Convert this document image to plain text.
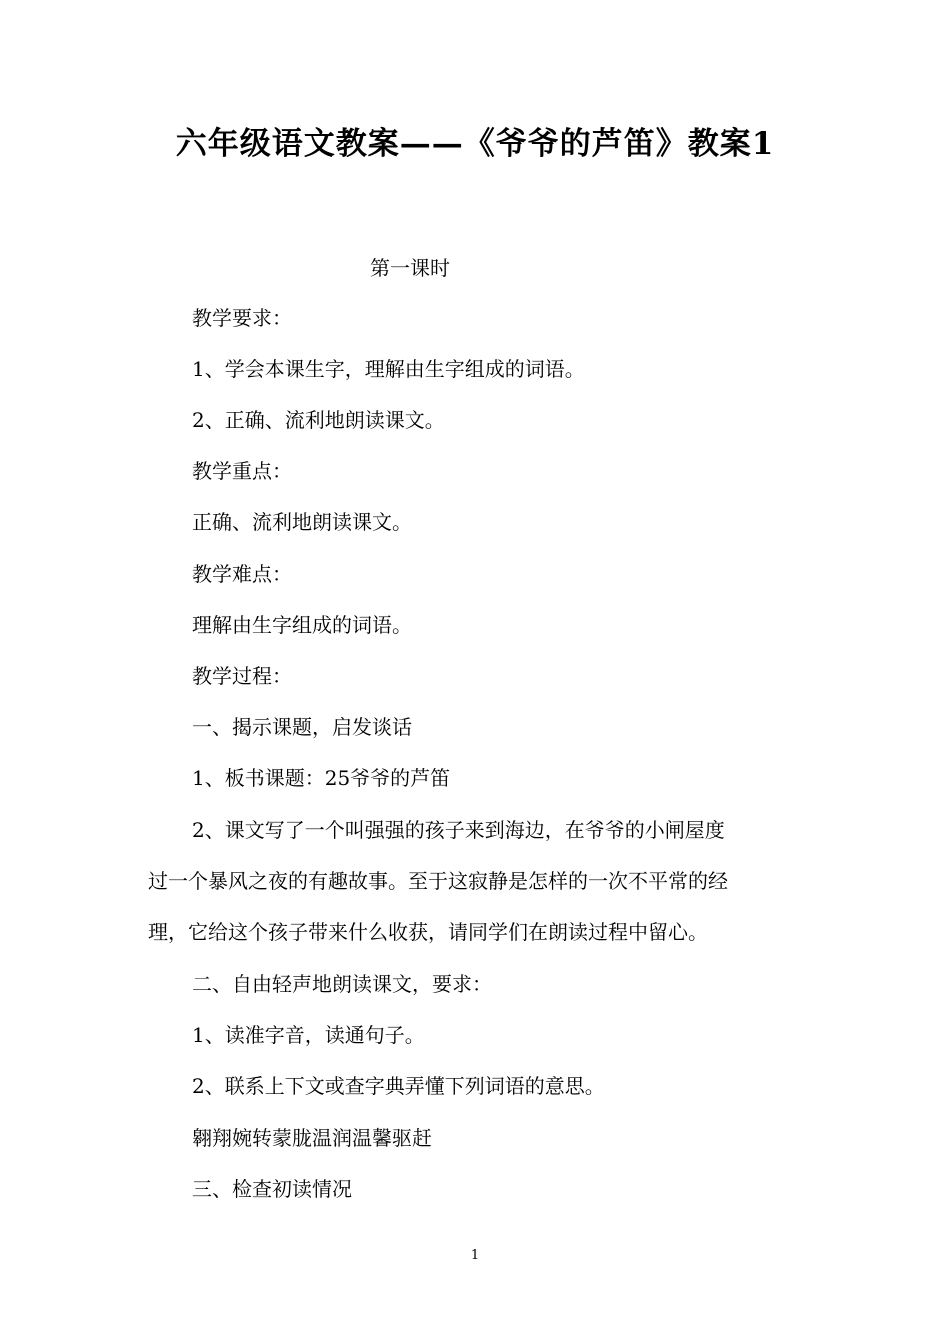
六年级语文教案——《爷爷的芦笛》教案1
第一课时
教学要求：
1、学会本课生字，理解由生字组成的词语。
2、正确、流利地朗读课文。
教学重点：
正确、流利地朗读课文。
教学难点：
理解由生字组成的词语。
教学过程：
一、揭示课题，启发谈话
1、板书课题：25爷爷的芦笛
2、课文写了一个叫强强的孩子来到海边，在爷爷的小闸屋度
过一个暴风之夜的有趣故事。至于这寂静是怎样的一次不平常的经
理，它给这个孩子带来什么收获，请同学们在朗读过程中留心。
二、自由轻声地朗读课文，要求：
1、读准字音，读通句子。
2、联系上下文或查字典弄懂下列词语的意思。
翱翔婉转蒙胧温润温馨驱赶
三、检查初读情况
1
